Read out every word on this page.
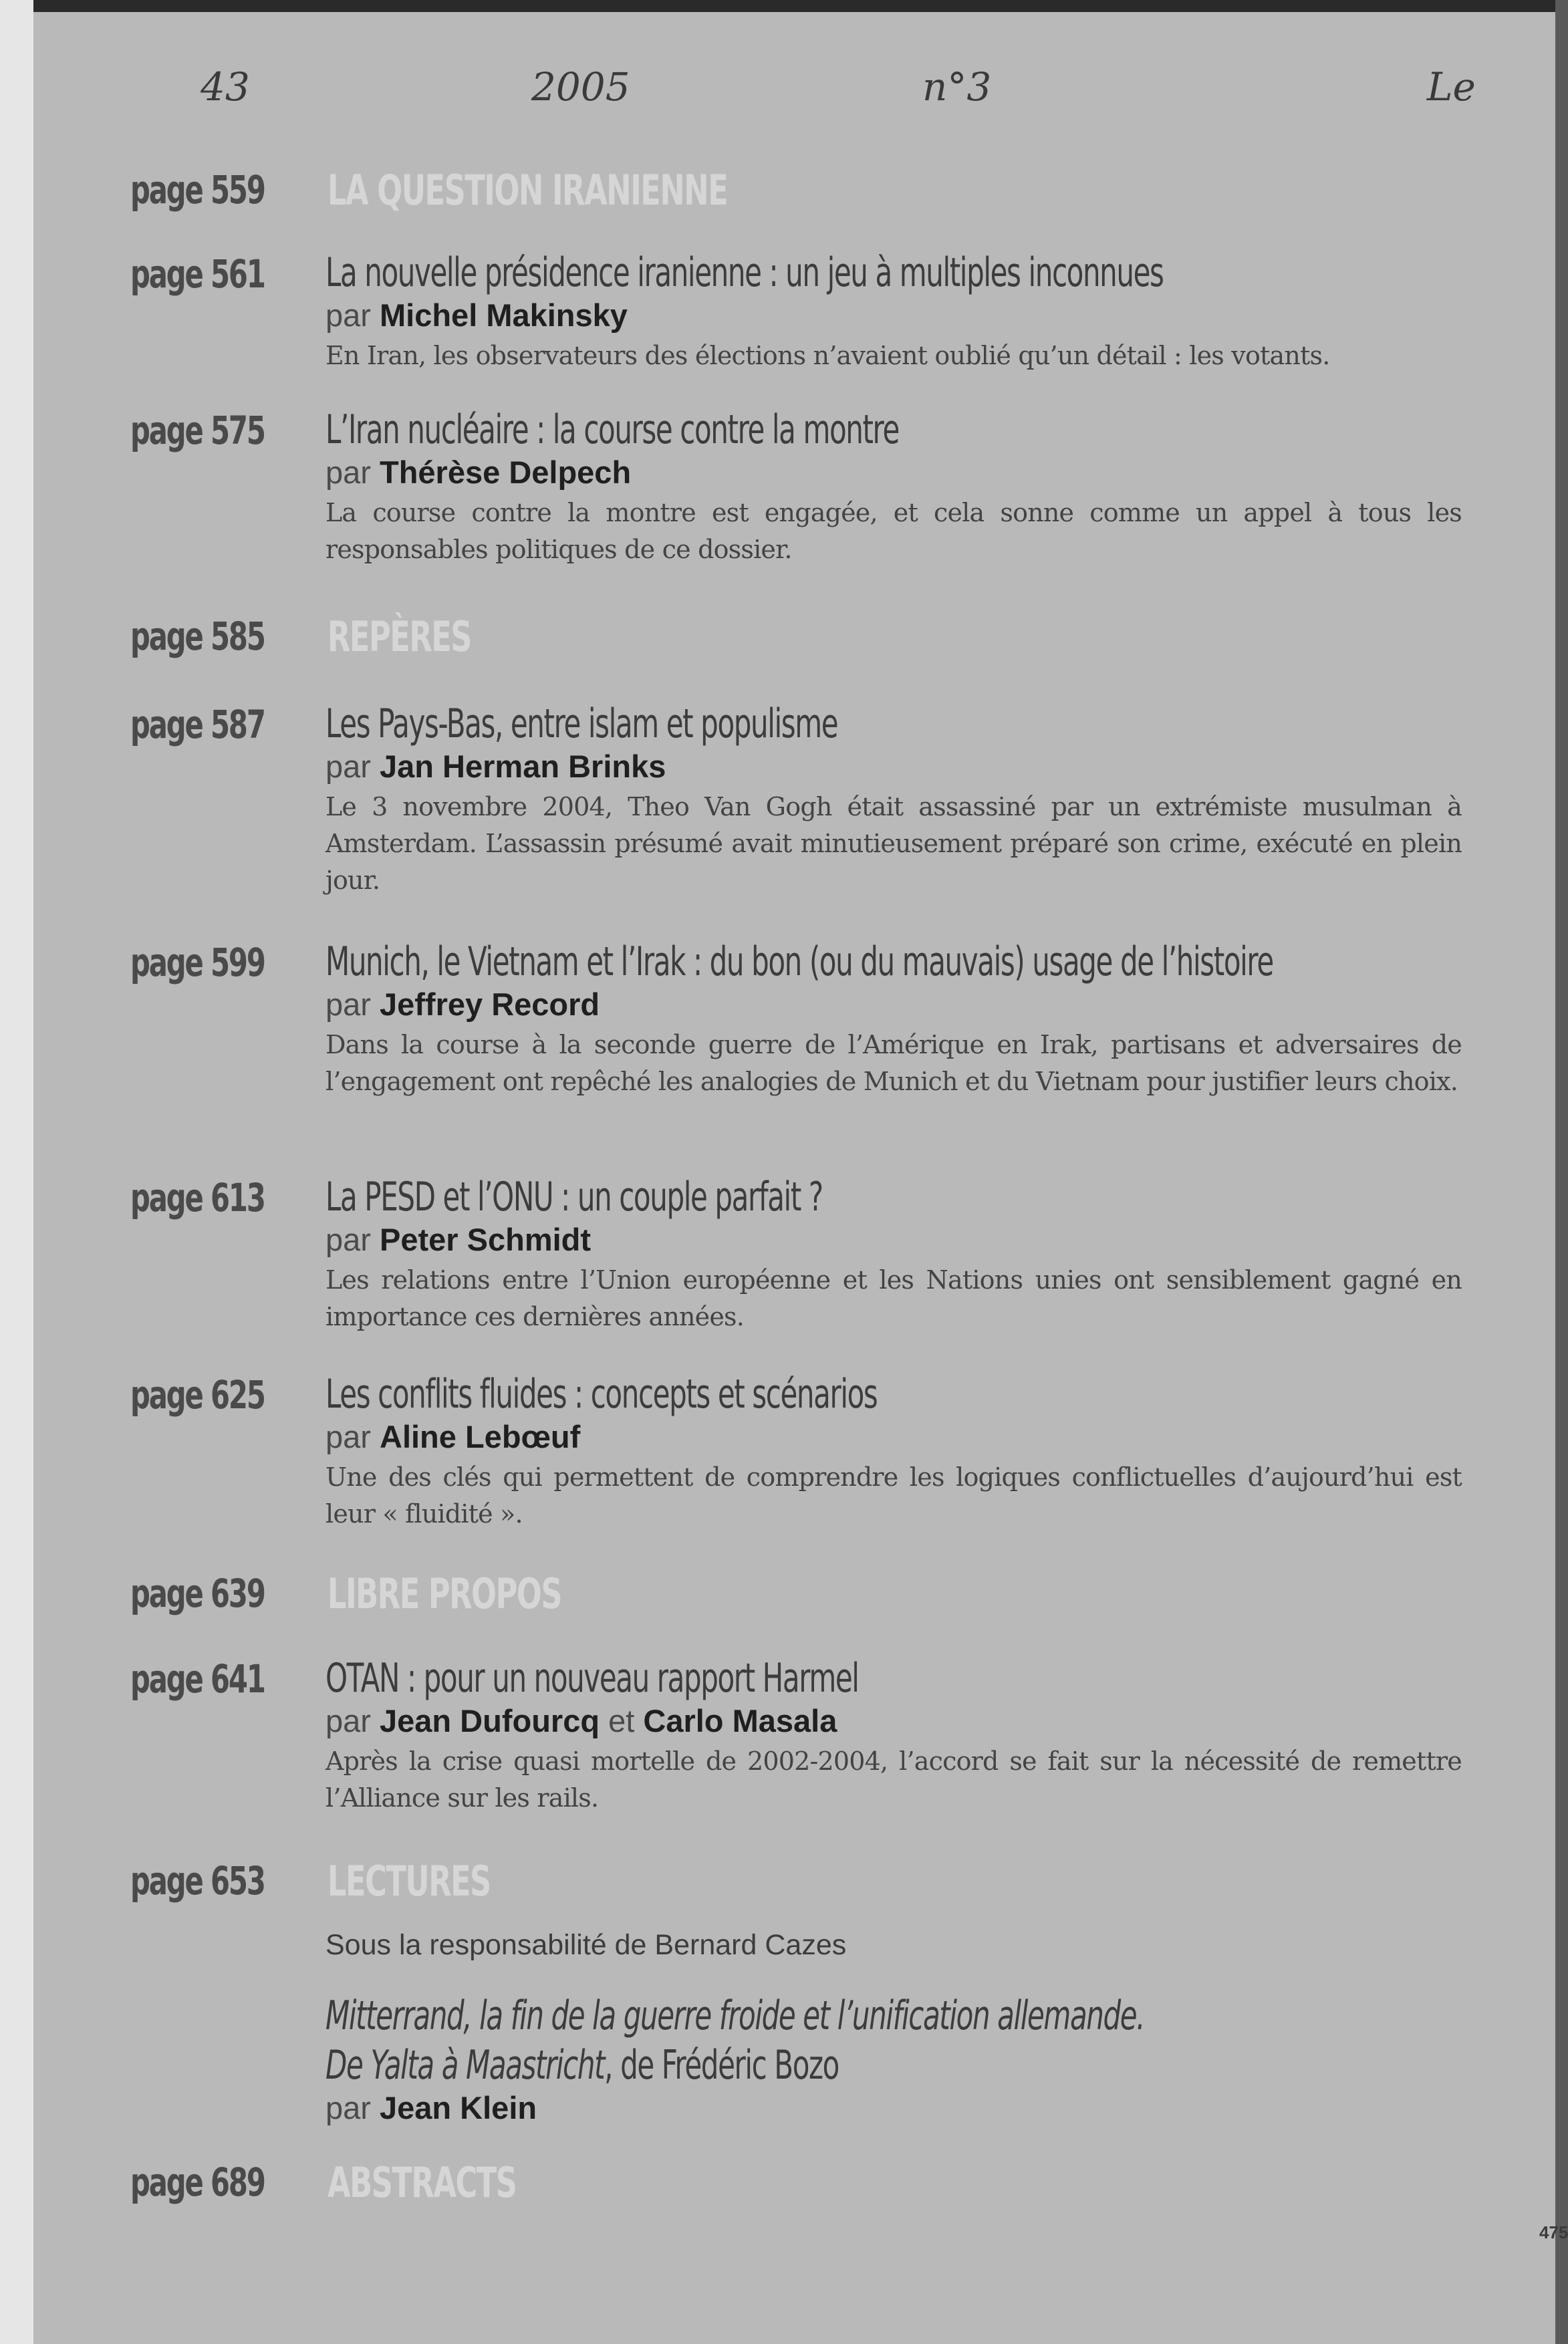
43	2005	n°3	Le
page 559 LA QUESTION IRANIENNE
page 561 La nouvelle présidence iranienne : un jeu à multiples inconnues
par Michel Makinsky
En Iran, les observateurs des élections n’avaient oublié qu’un détail : les votants.
page 575 L’Iran nucléaire : la course contre la montre
par Thérèse Delpech
La course contre la montre est engagée, et cela sonne comme un appel à tous les responsables politiques de ce dossier.
page 585 REPÈRES
page 587 Les Pays-Bas, entre islam et populisme
par Jan Herman Brinks
Le 3 novembre 2004, Theo Van Gogh était assassiné par un extrémiste musulman à Amsterdam. L’assassin présumé avait minutieusement préparé son crime, exécuté en plein jour.
page 599 Munich, le Vietnam et l’Irak : du bon (ou du mauvais) usage de l’histoire
par Jeffrey Record
Dans la course à la seconde guerre de l’Amérique en Irak, partisans et adversaires de l’engagement ont repêché les analogies de Munich et du Vietnam pour justifier leurs choix.
page 613 La PESD et l’ONU : un couple parfait ?
par Peter Schmidt
Les relations entre l’Union européenne et les Nations unies ont sensiblement gagné en importance ces dernières années.
page 625 Les conflits fluides : concepts et scénarios
par Aline Lebœuf
Une des clés qui permettent de comprendre les logiques conflictuelles d’aujourd’hui est leur « fluidité ».
page 639 LIBRE PROPOS
page 641 OTAN : pour un nouveau rapport Harmel
par Jean Dufourcq et Carlo Masala
Après la crise quasi mortelle de 2002-2004, l’accord se fait sur la nécessité de remettre l’Alliance sur les rails.
page 653 LECTURES
Sous la responsabilité de Bernard Cazes
Mitterrand, la fin de la guerre froide et l’unification allemande.
De Yalta à Maastricht, de Frédéric Bozo
par Jean Klein
page 689 ABSTRACTS
475
